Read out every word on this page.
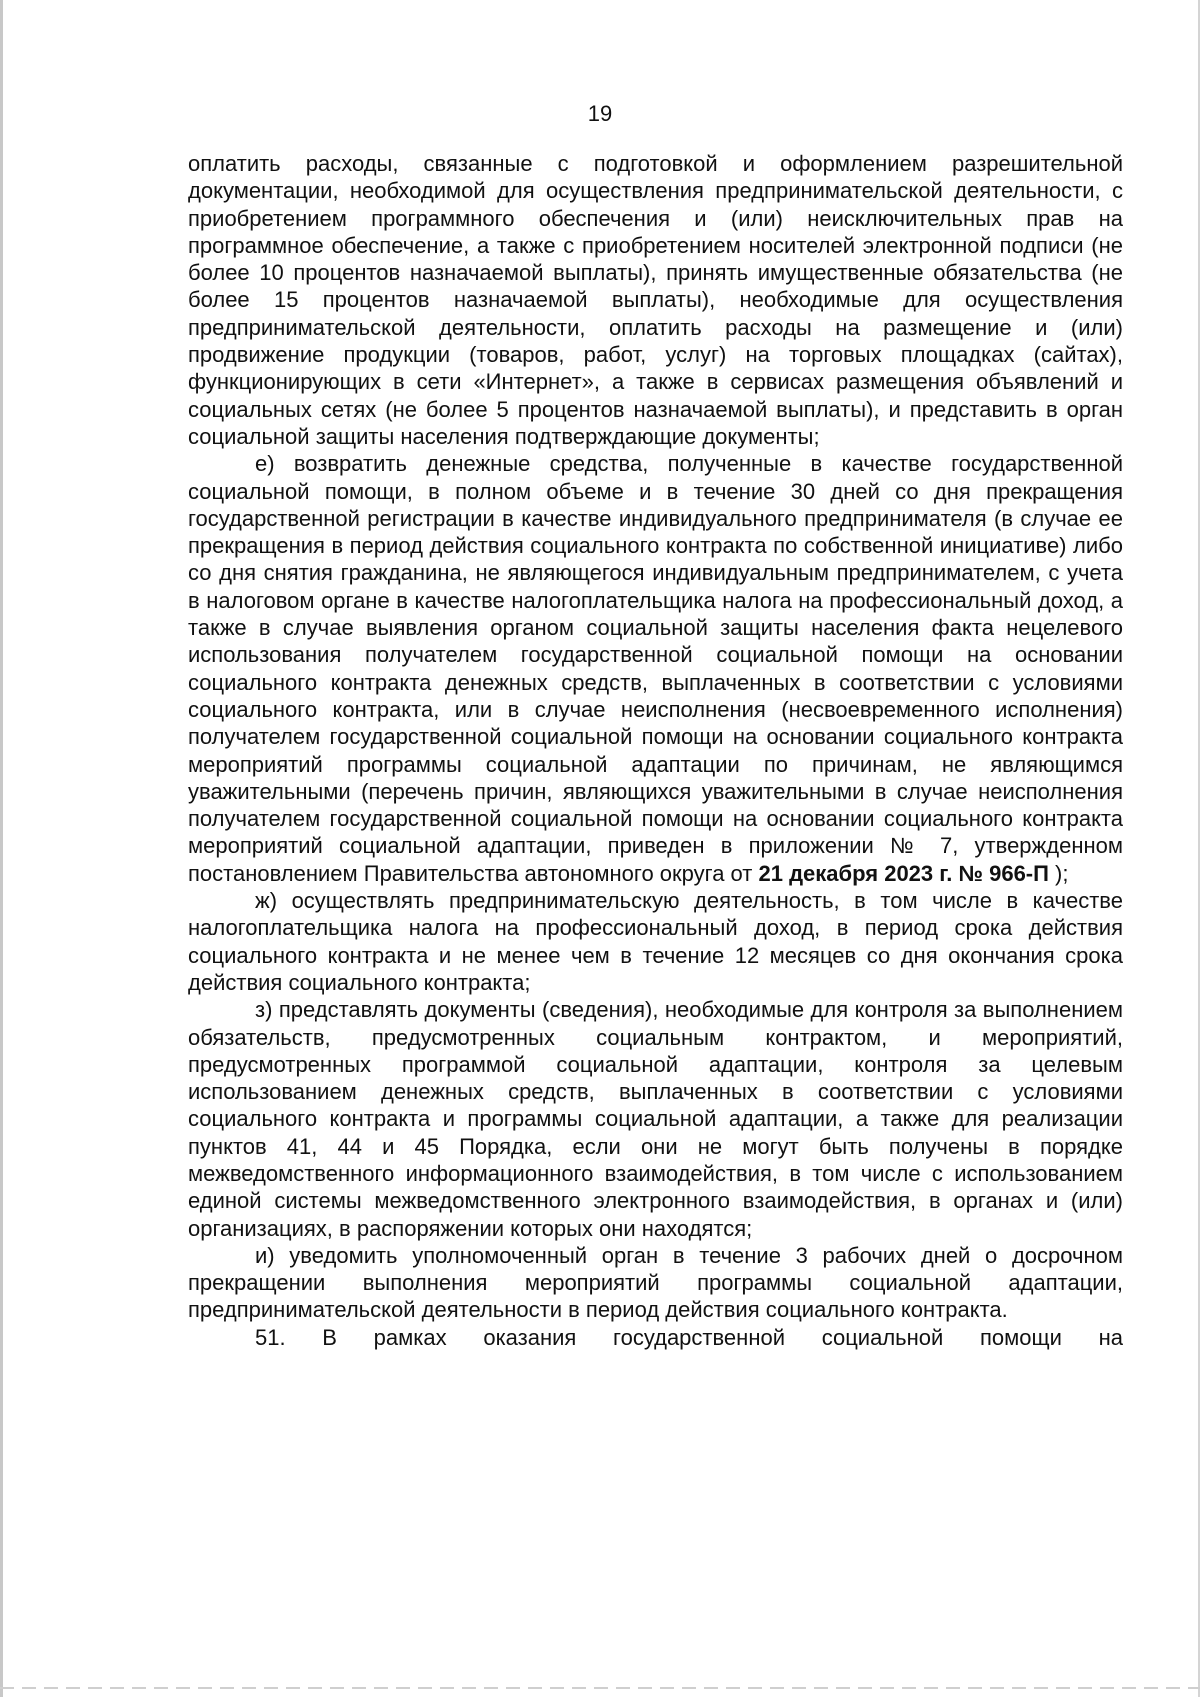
19

оплатить расходы, связанные с подготовкой и оформлением разрешительной документации, необходимой для осуществления предпринимательской деятельности, с приобретением программного обеспечения и (или) неисключительных прав на программное обеспечение, а также с приобретением носителей электронной подписи (не более 10 процентов назначаемой выплаты), принять имущественные обязательства (не более 15 процентов назначаемой выплаты), необходимые для осуществления предпринимательской деятельности, оплатить расходы на размещение и (или) продвижение продукции (товаров, работ, услуг) на торговых площадках (сайтах), функционирующих в сети «Интернет», а также в сервисах размещения объявлений и социальных сетях (не более 5 процентов назначаемой выплаты), и представить в орган социальной защиты населения подтверждающие документы;

е) возвратить денежные средства, полученные в качестве государственной социальной помощи, в полном объеме и в течение 30 дней со дня прекращения государственной регистрации в качестве индивидуального предпринимателя (в случае ее прекращения в период действия социального контракта по собственной инициативе) либо со дня снятия гражданина, не являющегося индивидуальным предпринимателем, с учета в налоговом органе в качестве налогоплательщика налога на профессиональный доход, а также в случае выявления органом социальной защиты населения факта нецелевого использования получателем государственной социальной помощи на основании социального контракта денежных средств, выплаченных в соответствии с условиями социального контракта, или в случае неисполнения (несвоевременного исполнения) получателем государственной социальной помощи на основании социального контракта мероприятий программы социальной адаптации по причинам, не являющимся уважительными (перечень причин, являющихся уважительными в случае неисполнения получателем государственной социальной помощи на основании социального контракта мероприятий социальной адаптации, приведен в приложении № 7, утвержденном постановлением Правительства автономного округа от 21 декабря 2023 г. № 966-П );

ж) осуществлять предпринимательскую деятельность, в том числе в качестве налогоплательщика налога на профессиональный доход, в период срока действия социального контракта и не менее чем в течение 12 месяцев со дня окончания срока действия социального контракта;

з) представлять документы (сведения), необходимые для контроля за выполнением обязательств, предусмотренных социальным контрактом, и мероприятий, предусмотренных программой социальной адаптации, контроля за целевым использованием денежных средств, выплаченных в соответствии с условиями социального контракта и программы социальной адаптации, а также для реализации пунктов 41, 44 и 45 Порядка, если они не могут быть получены в порядке межведомственного информационного взаимодействия, в том числе с использованием единой системы межведомственного электронного взаимодействия, в органах и (или) организациях, в распоряжении которых они находятся;

и) уведомить уполномоченный орган в течение 3 рабочих дней о досрочном прекращении выполнения мероприятий программы социальной адаптации, предпринимательской деятельности в период действия социального контракта.

51. В рамках оказания государственной социальной помощи на
